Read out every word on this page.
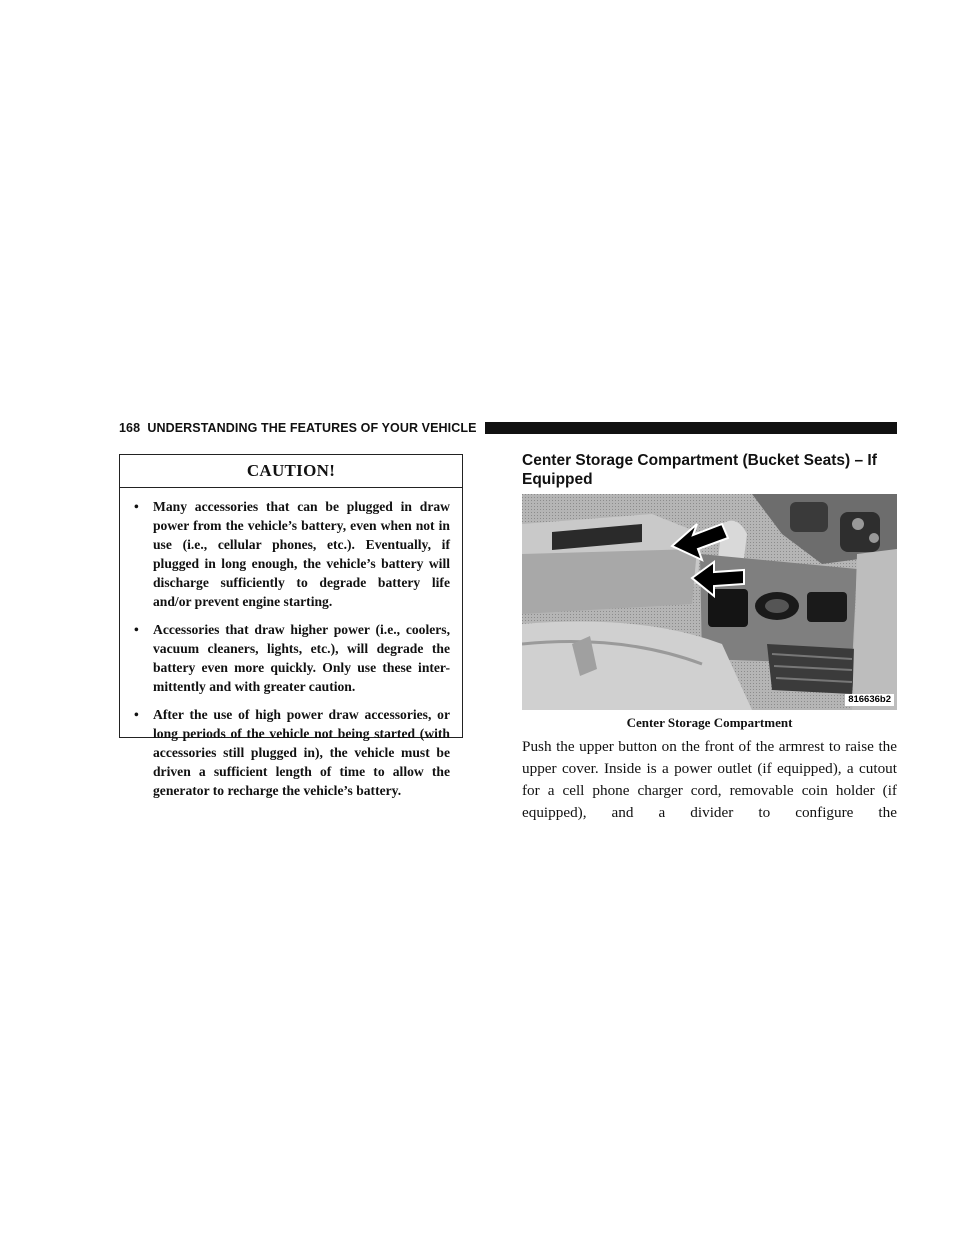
168 UNDERSTANDING THE FEATURES OF YOUR VEHICLE
CAUTION!
• Many accessories that can be plugged in draw power from the vehicle’s battery, even when not in use (i.e., cellular phones, etc.). Eventually, if plugged in long enough, the vehicle’s battery will discharge sufficiently to degrade battery life and/or prevent engine starting.
• Accessories that draw higher power (i.e., coolers, vacuum cleaners, lights, etc.), will degrade the battery even more quickly. Only use these inter-mittently and with greater caution.
• After the use of high power draw accessories, or long periods of the vehicle not being started (with accessories still plugged in), the vehicle must be driven a sufficient length of time to allow the generator to recharge the vehicle’s battery.
Center Storage Compartment (Bucket Seats) – If Equipped
816636b2
Center Storage Compartment
Push the upper button on the front of the armrest to raise the upper cover. Inside is a power outlet (if equipped), a cutout for a cell phone charger cord, removable coin holder (if equipped), and a divider to configure the
